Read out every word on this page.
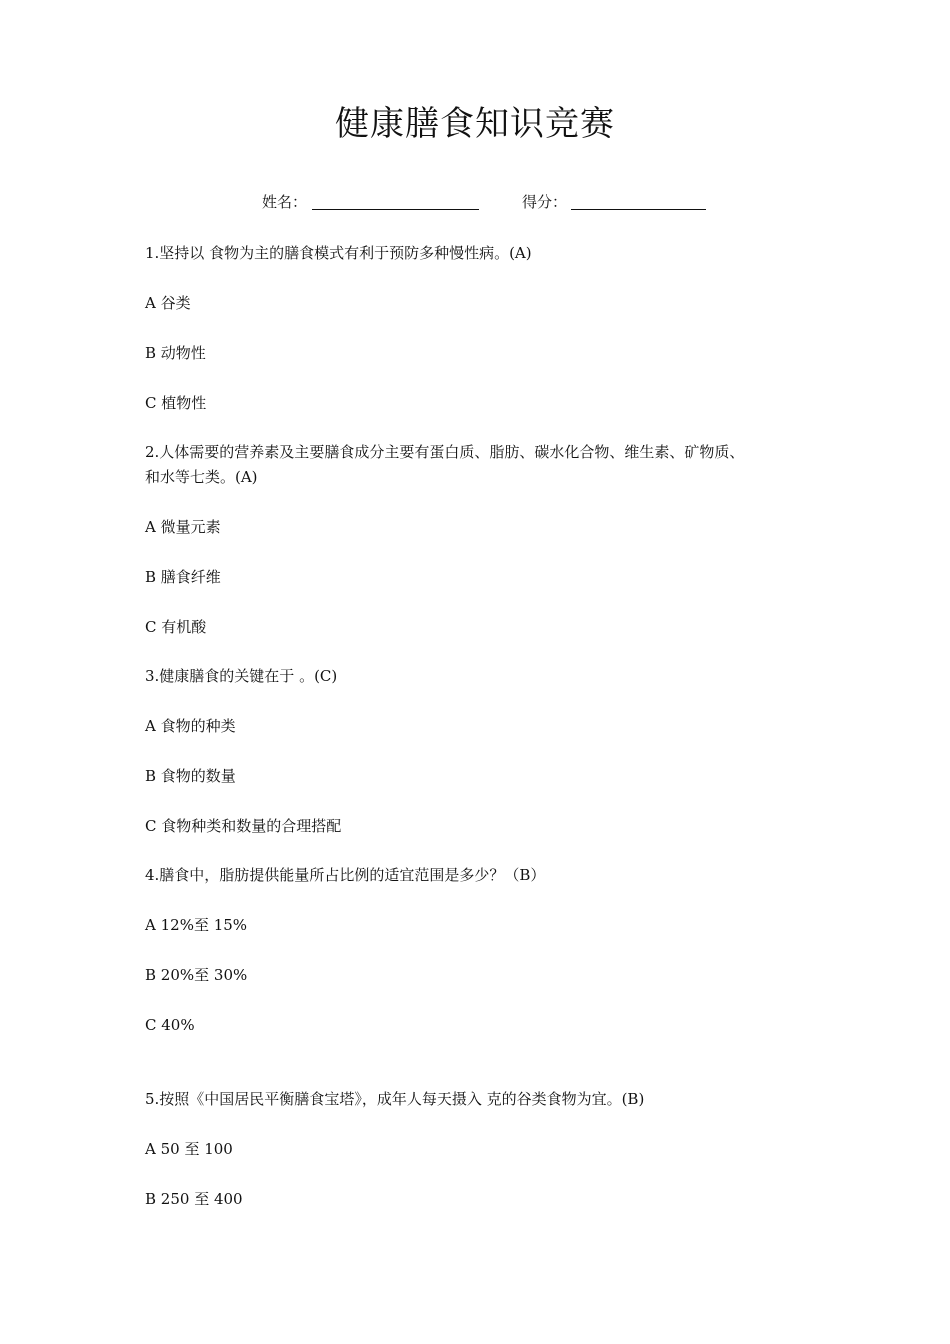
健康膳食知识竞赛
姓名：	得分：
1.坚持以 食物为主的膳食模式有利于预防多种慢性病。(A)
A 谷类
B 动物性
C 植物性
2.人体需要的营养素及主要膳食成分主要有蛋白质、脂肪、碳水化合物、维生素、矿物质、
和水等七类。(A)
A 微量元素
B 膳食纤维
C 有机酸
3.健康膳食的关键在于 。(C)
A 食物的种类
B 食物的数量
C 食物种类和数量的合理搭配
4.膳食中，脂肪提供能量所占比例的适宜范围是多少？（B）
A 12%至 15%
B 20%至 30%
C 40%
5.按照《中国居民平衡膳食宝塔》，成年人每天摄入 克的谷类食物为宜。(B)
A 50 至 100
B 250 至 400
